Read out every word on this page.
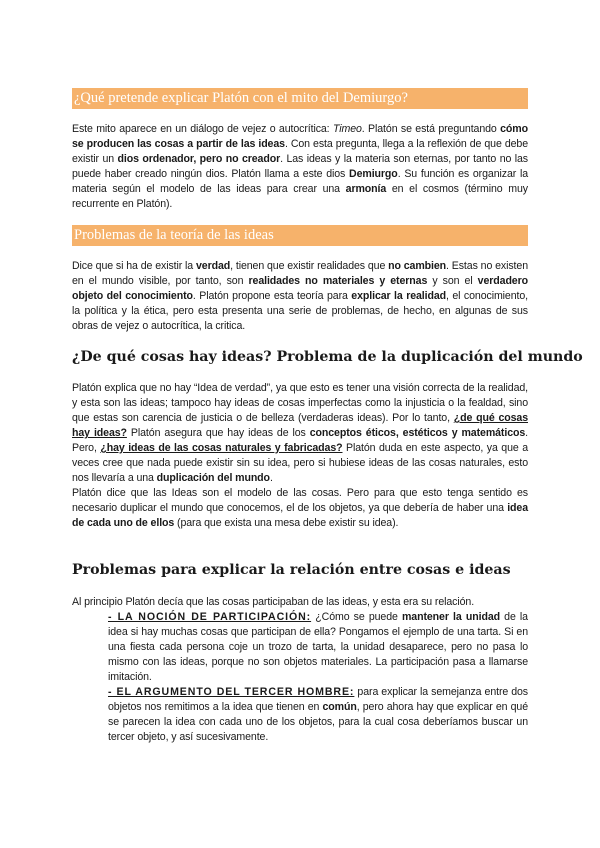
¿Qué pretende explicar Platón con el mito del Demiurgo?
Este mito aparece en un diálogo de vejez o autocrítica: Timeo. Platón se está preguntando cómo se producen las cosas a partir de las ideas. Con esta pregunta, llega a la reflexión de que debe existir un dios ordenador, pero no creador. Las ideas y la materia son eternas, por tanto no las puede haber creado ningún dios. Platón llama a este dios Demiurgo. Su función es organizar la materia según el modelo de las ideas para crear una armonía en el cosmos (término muy recurrente en Platón).
Problemas de la teoría de las ideas
Dice que si ha de existir la verdad, tienen que existir realidades que no cambien. Estas no existen en el mundo visible, por tanto, son realidades no materiales y eternas y son el verdadero objeto del conocimiento. Platón propone esta teoría para explicar la realidad, el conocimiento, la política y la ética, pero esta presenta una serie de problemas, de hecho, en algunas de sus obras de vejez o autocrítica, la critica.
¿De qué cosas hay ideas? Problema de la duplicación del mundo
Platón explica que no hay “Idea de verdad”, ya que esto es tener una visión correcta de la realidad, y esta son las ideas; tampoco hay ideas de cosas imperfectas como la injusticia o la fealdad, sino que estas son carencia de justicia o de belleza (verdaderas ideas). Por lo tanto, ¿de qué cosas hay ideas? Platón asegura que hay ideas de los conceptos éticos, estéticos y matemáticos. Pero, ¿hay ideas de las cosas naturales y fabricadas? Platón duda en este aspecto, ya que a veces cree que nada puede existir sin su idea, pero si hubiese ideas de las cosas naturales, esto nos llevaría a una duplicación del mundo.
Platón dice que las Ideas son el modelo de las cosas. Pero para que esto tenga sentido es necesario duplicar el mundo que conocemos, el de los objetos, ya que debería de haber una idea de cada uno de ellos (para que exista una mesa debe existir su idea).
Problemas para explicar la relación entre cosas e ideas
Al principio Platón decía que las cosas participaban de las ideas, y esta era su relación.
- LA NOCIÓN DE PARTICIPACIÓN: ¿Cómo se puede mantener la unidad de la idea si hay muchas cosas que participan de ella? Pongamos el ejemplo de una tarta. Si en una fiesta cada persona coje un trozo de tarta, la unidad desaparece, pero no pasa lo mismo con las ideas, porque no son objetos materiales. La participación pasa a llamarse imitación.
- EL ARGUMENTO DEL TERCER HOMBRE: para explicar la semejanza entre dos objetos nos remitimos a la idea que tienen en común, pero ahora hay que explicar en qué se parecen la idea con cada uno de los objetos, para la cual cosa deberíamos buscar un tercer objeto, y así sucesivamente.
